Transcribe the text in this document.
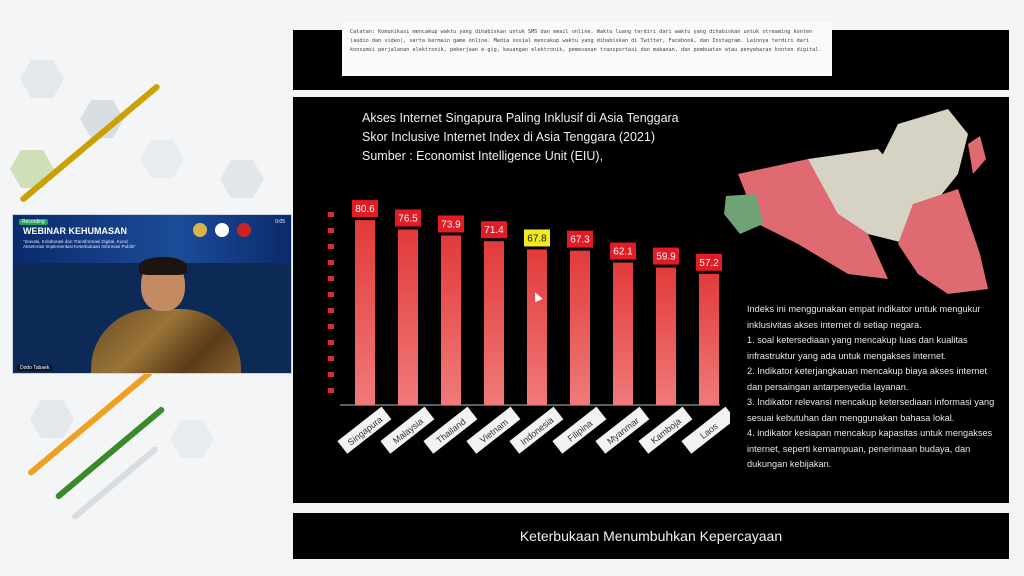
Recording
WEBINAR KEHUMASAN
"Inovasi, Kolaborasi dan Transformasi Digital, Kunci Akselerasi Implementasi Keterbukaan Informasi Publik"
0:05
Dodo Tabaek
Catatan: Komunikasi mencakup waktu yang dihabiskan untuk SMS dan email online. Waktu luang terdiri dari waktu yang dihabiskan untuk streaming konten (audio dan video), serta bermain game online. Media sosial mencakup waktu yang dihabiskan di Twitter, Facebook, dan Instagram. Lainnya terdiri dari konsumsi perjalanan elektronik, pekerjaan e-gig, keuangan elektronik, pemesanan transportasi dan makanan, dan pembuatan atau penyebaran konten digital.
Akses Internet Singapura Paling Inklusif di Asia Tenggara
Skor Inclusive Internet Index di Asia Tenggara (2021)
Sumber : Economist Intelligence Unit (EIU),
80.6
Singapura
76.5
Malaysia
73.9
Thailand
71.4
Vietnam
67.8
Indonesia
67.3
Filipina
62.1
Myanmar
59.9
Kamboja
57.2
Laos

Indeks ini menggunakan empat indikator untuk mengukur inklusivitas akses internet di setiap negara.

1. soal ketersediaan yang mencakup luas dan kualitas infrastruktur yang ada untuk mengakses internet.

2. Indikator keterjangkauan mencakup biaya akses internet dan persaingan antarpenyedia layanan.

3. Indikator relevansi mencakup ketersediaan informasi yang sesuai kebutuhan dan menggunakan bahasa lokal.

4. indikator kesiapan mencakup kapasitas untuk mengakses internet, seperti kemampuan, penerimaan budaya, dan dukungan kebijakan.

Keterbukaan Menumbuhkan Kepercayaan
